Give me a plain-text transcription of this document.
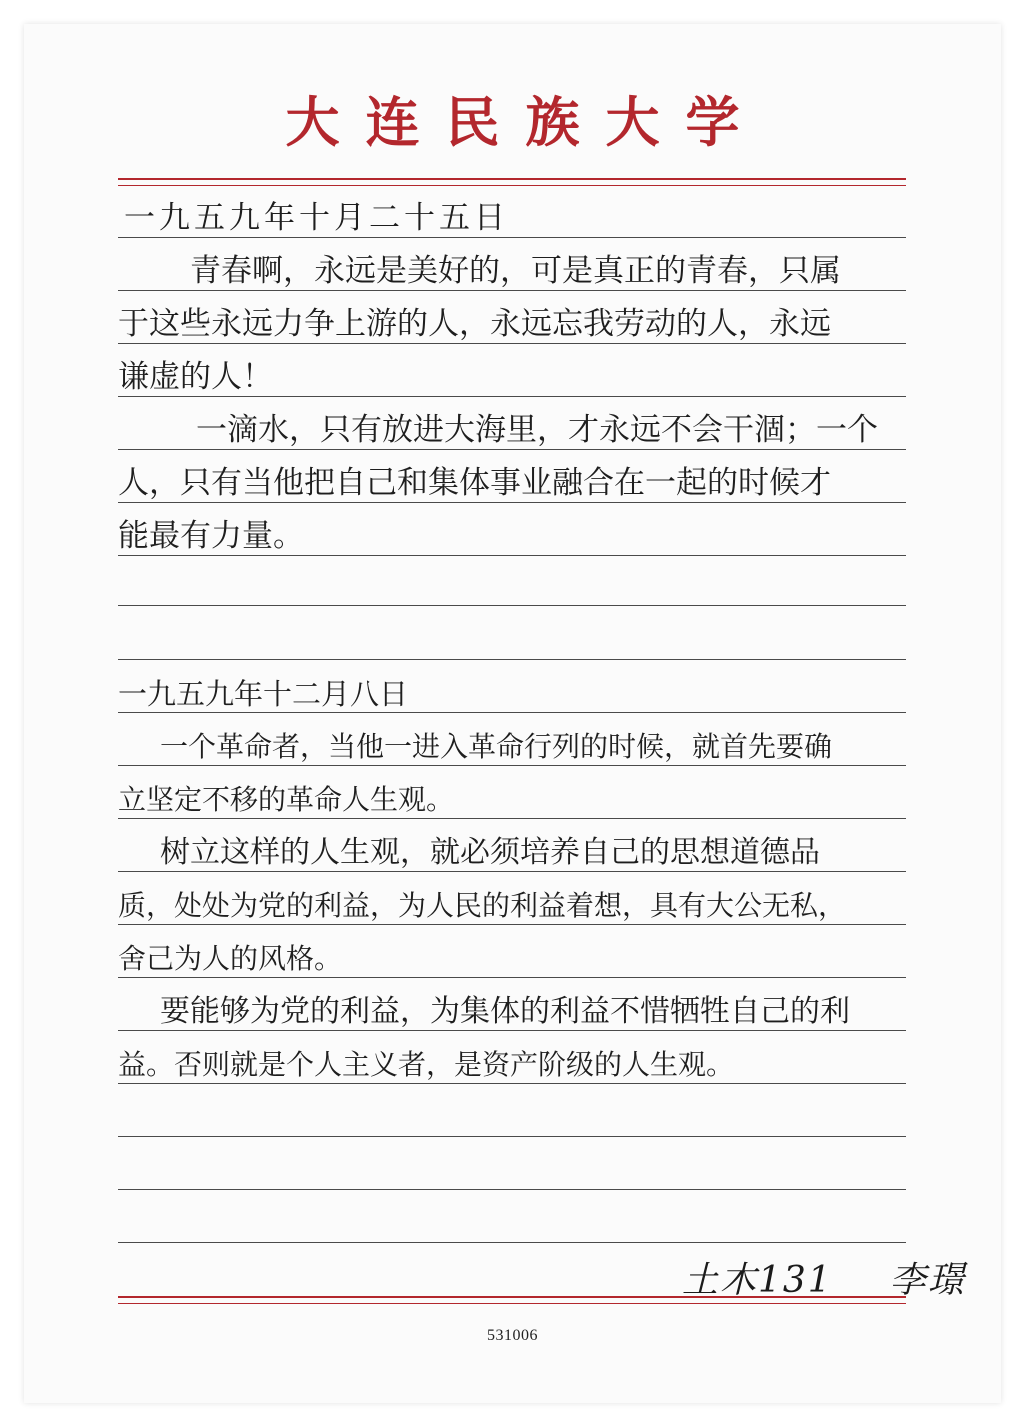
大连民族大学
一九五九年十月二十五日
青春啊，永远是美好的，可是真正的青春，只属
于这些永远力争上游的人，永远忘我劳动的人，永远
谦虚的人！
一滴水，只有放进大海里，才永远不会干涸；一个
人，只有当他把自己和集体事业融合在一起的时候才
能最有力量。
一九五九年十二月八日
一个革命者，当他一进入革命行列的时候，就首先要确
立坚定不移的革命人生观。
树立这样的人生观，就必须培养自己的思想道德品
质，处处为党的利益，为人民的利益着想，具有大公无私，
舍己为人的风格。
要能够为党的利益，为集体的利益不惜牺牲自己的利
益。否则就是个人主义者，是资产阶级的人生观。
土木131 李璟
531006
